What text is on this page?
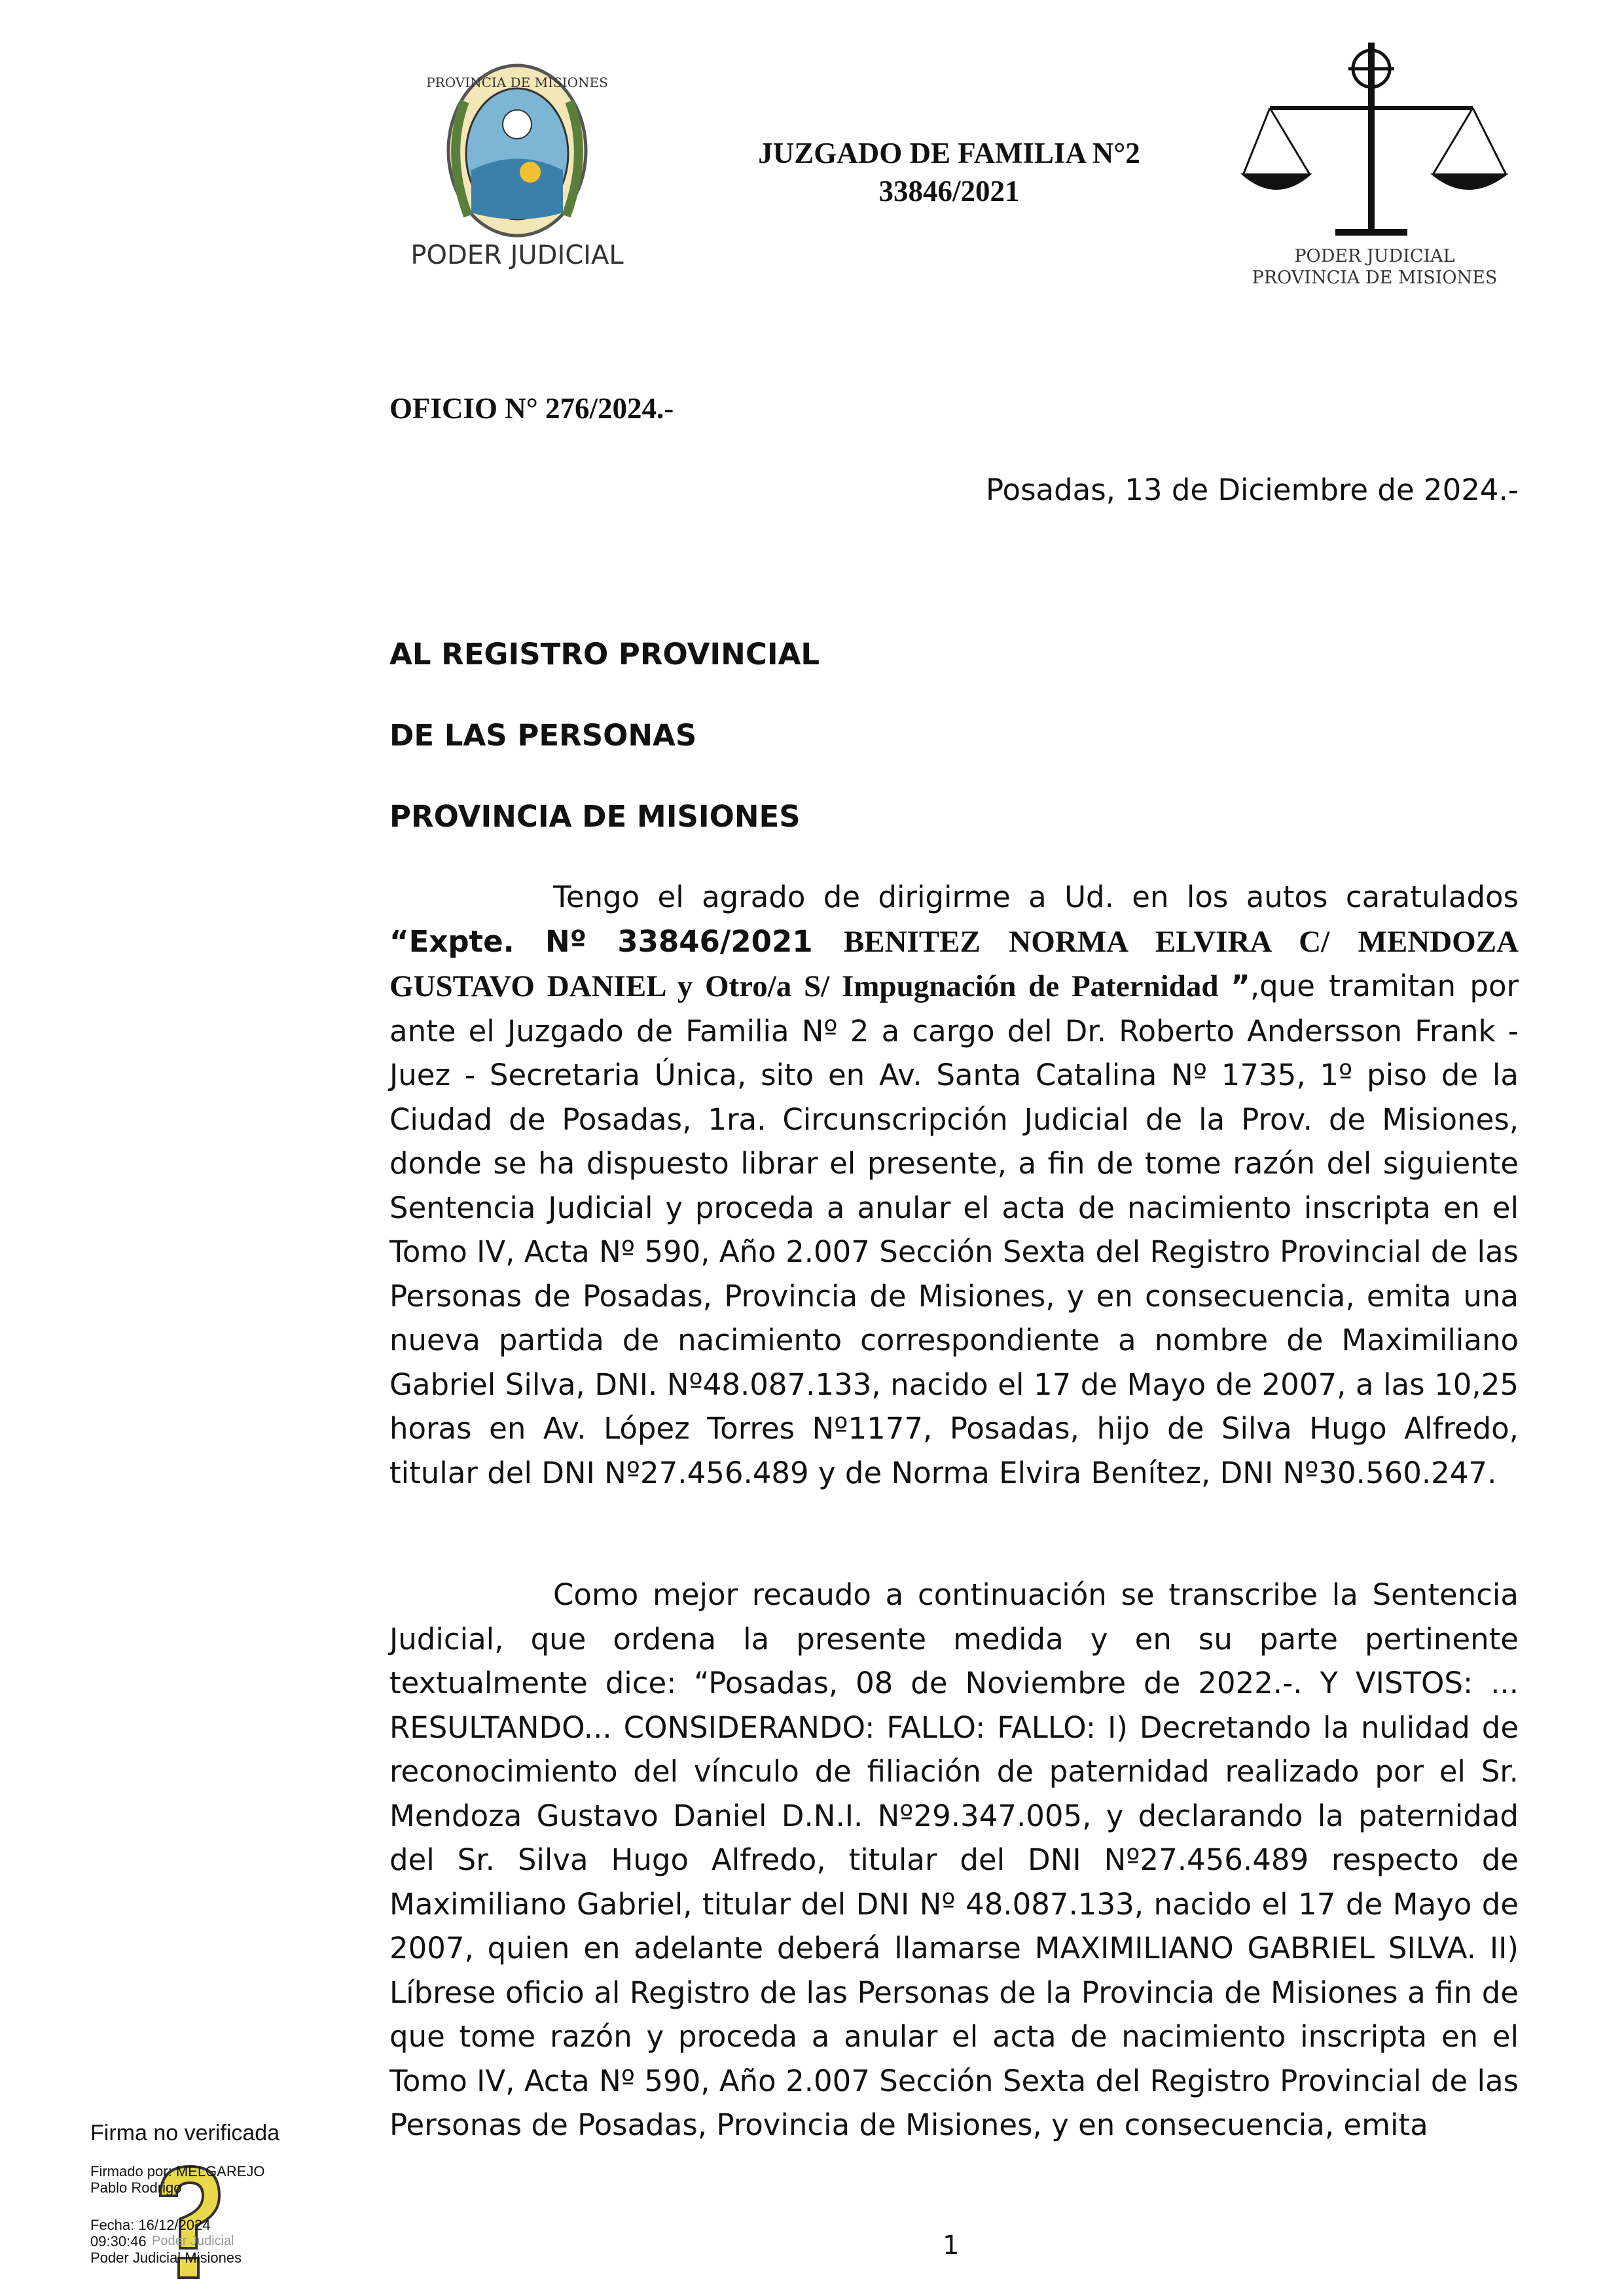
PROVINCIA DE MISIONES
PODER JUDICIAL
JUZGADO DE FAMILIA N°2
33846/2021
PODER JUDICIAL
PROVINCIA DE MISIONES
OFICIO N° 276/2024.-
Posadas, 13 de Diciembre de 2024.-
AL REGISTRO PROVINCIAL
DE LAS PERSONAS
PROVINCIA DE MISIONES

Tengo el agrado de dirigirme a Ud. en los autos caratulados “Expte. Nº 33846/2021 BENITEZ NORMA ELVIRA C/ MENDOZA GUSTAVO DANIEL y Otro/a S/ Impugnación de Paternidad ”,que tramitan por ante el Juzgado de Familia Nº 2 a cargo del Dr. Roberto Andersson Frank - Juez - Secretaria Única, sito en Av. Santa Catalina Nº 1735, 1º piso de la Ciudad de Posadas, 1ra. Circunscripción Judicial de la Prov. de Misiones, donde se ha dispuesto librar el presente, a fin de tome razón del siguiente Sentencia Judicial y proceda a anular el acta de nacimiento inscripta en el Tomo IV, Acta Nº 590, Año 2.007 Sección Sexta del Registro Provincial de las Personas de Posadas, Provincia de Misiones, y en consecuencia, emita una nueva partida de nacimiento correspondiente a nombre de Maximiliano Gabriel Silva, DNI. Nº48.087.133, nacido el 17 de Mayo de 2007, a las 10,25 horas en Av. López Torres Nº1177, Posadas, hijo de Silva Hugo Alfredo, titular del DNI Nº27.456.489 y de Norma Elvira Benítez, DNI Nº30.560.247.

Como mejor recaudo a continuación se transcribe la Sentencia Judicial, que ordena la presente medida y en su parte pertinente textualmente dice: “Posadas, 08 de Noviembre de 2022.-. Y VISTOS: ... RESULTANDO... CONSIDERANDO: FALLO: FALLO: I) Decretando la nulidad de reconocimiento del vínculo de filiación de paternidad realizado por el Sr. Mendoza Gustavo Daniel D.N.I. Nº29.347.005, y declarando la paternidad del Sr. Silva Hugo Alfredo, titular del DNI Nº27.456.489 respecto de Maximiliano Gabriel, titular del DNI Nº 48.087.133, nacido el 17 de Mayo de 2007, quien en adelante deberá llamarse MAXIMILIANO GABRIEL SILVA. II) Líbrese oficio al Registro de las Personas de la Provincia de Misiones a fin de que tome razón y proceda a anular el acta de nacimiento inscripta en el Tomo IV, Acta Nº 590, Año 2.007 Sección Sexta del Registro Provincial de las Personas de Posadas, Provincia de Misiones, y en consecuencia, emita

Firma no verificada
Firmado por: MELGAREJO
Pablo Rodrigo
Fecha: 16/12/2024
09:30:46 Poder Judicial
Poder Judicial Misiones	1
